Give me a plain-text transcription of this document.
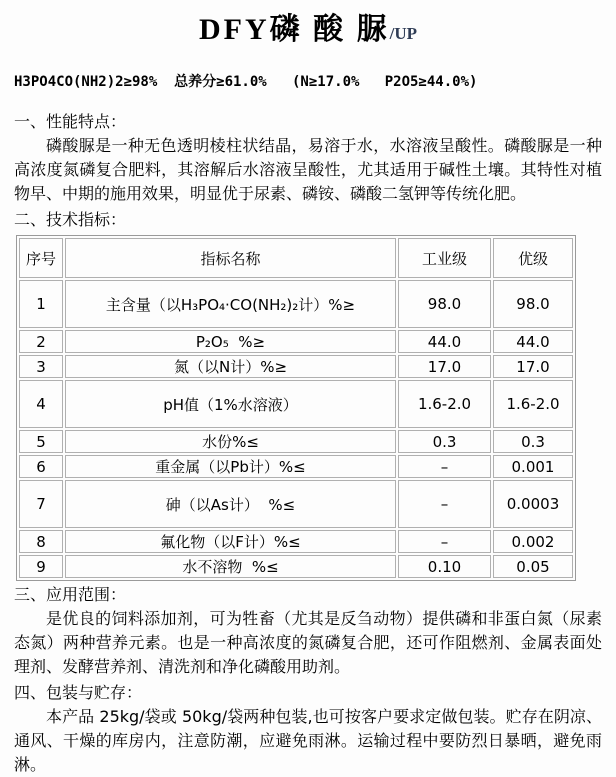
DFY磷 酸 脲/UP
H3PO4CO(NH2)2≥98%  总养分≥61.0%   (N≥17.0%   P2O5≥44.0%)
一、性能特点：

磷酸脲是一种无色透明棱柱状结晶，易溶于水，水溶液呈酸性。磷酸脲是一种高浓度氮磷复合肥料，其溶解后水溶液呈酸性，尤其适用于碱性土壤。其特性对植物早、中期的施用效果，明显优于尿素、磷铵、磷酸二氢钾等传统化肥。

二、技术指标：
序号	指标名称	工业级	优级
1	主含量（以H₃PO₄·CO(NH₂)₂计）%≥	98.0	98.0
2	P₂O₅  %≥	44.0	44.0
3	氮（以N计）%≥	17.0	17.0
4	pH值（1%水溶液）	1.6-2.0	1.6-2.0
5	水份%≤	0.3	0.3
6	重金属（以Pb计）%≤	–	0.001
7	砷（以As计）  %≤	–	0.0003
8	氟化物（以F计）%≤	–	0.002
9	水不溶物  %≤	0.10	0.05
三、应用范围：

是优良的饲料添加剂，可为牲畜（尤其是反刍动物）提供磷和非蛋白氮（尿素态氮）两种营养元素。也是一种高浓度的氮磷复合肥，还可作阻燃剂、金属表面处理剂、发酵营养剂、清洗剂和净化磷酸用助剂。

四、包装与贮存：

本产品 25kg/袋或 50kg/袋两种包装,也可按客户要求定做包装。贮存在阴凉、通风、干燥的库房内，注意防潮，应避免雨淋。运输过程中要防烈日暴晒，避免雨淋。
